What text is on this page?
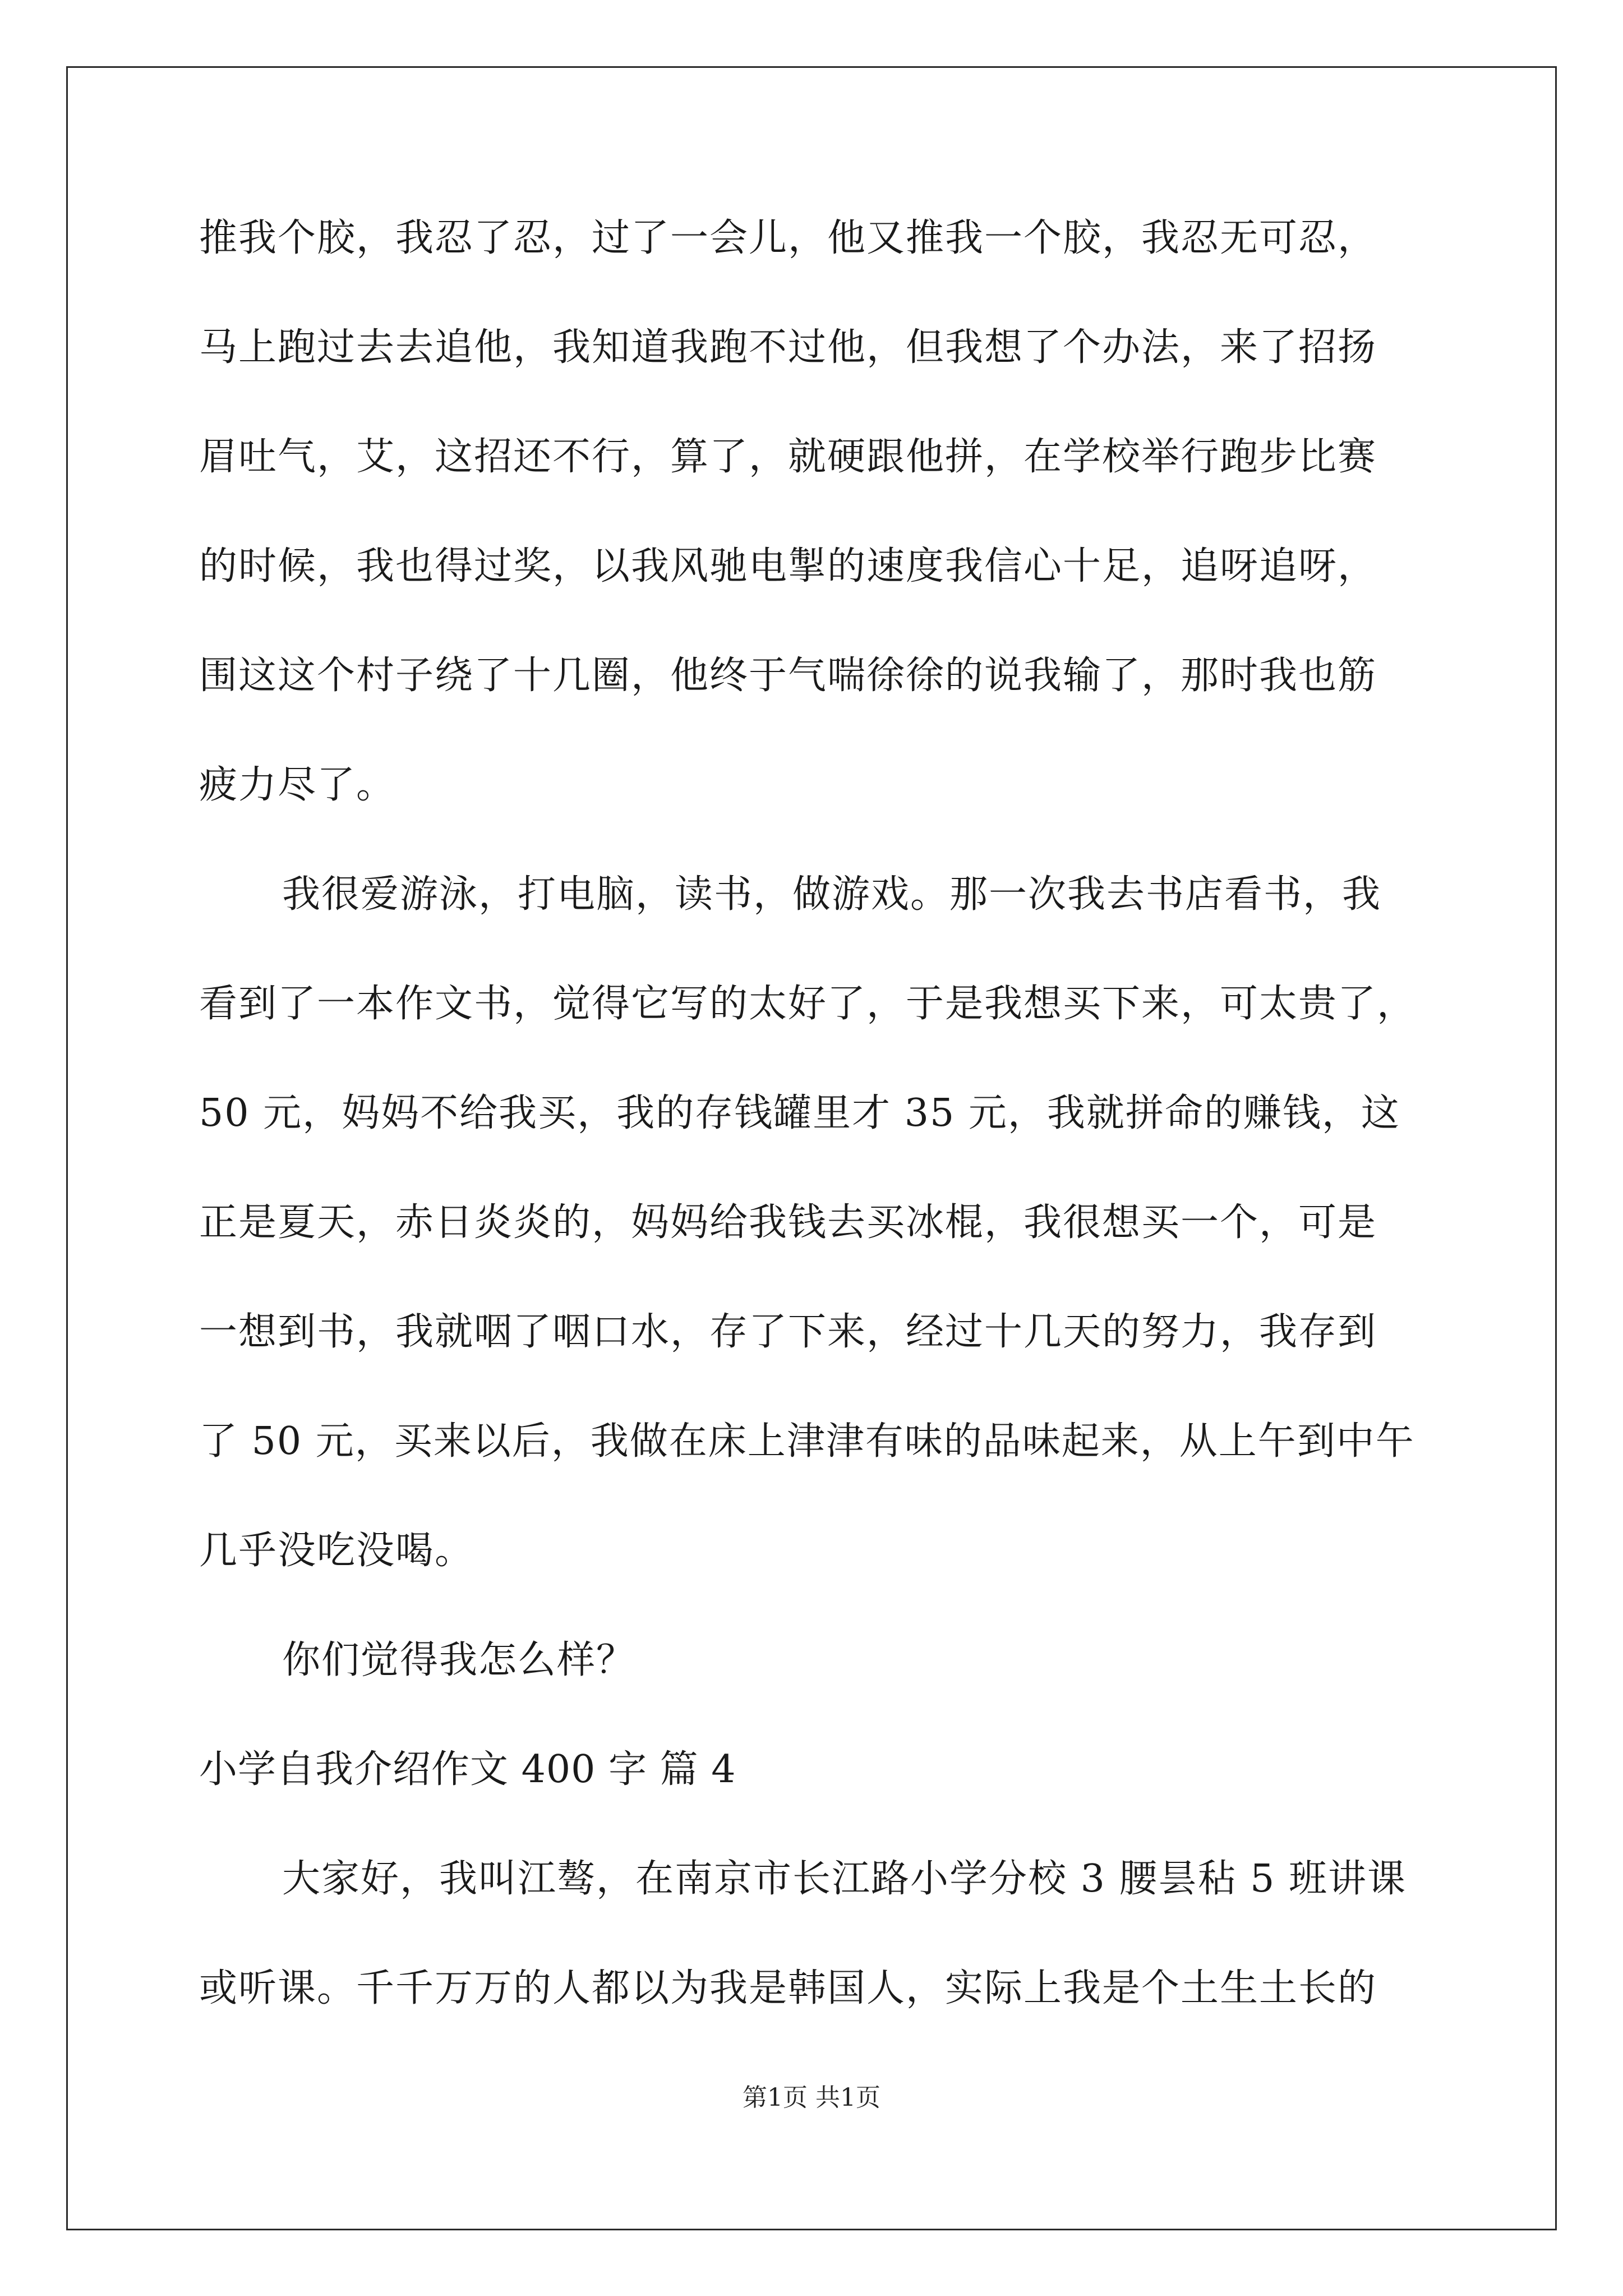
推我个胶，我忍了忍，过了一会儿，他又推我一个胶，我忍无可忍，
马上跑过去去追他，我知道我跑不过他，但我想了个办法，来了招扬
眉吐气，艾，这招还不行，算了，就硬跟他拼，在学校举行跑步比赛
的时候，我也得过奖，以我风驰电掣的速度我信心十足，追呀追呀，
围这这个村子绕了十几圈，他终于气喘徐徐的说我输了，那时我也筋
疲力尽了。
我很爱游泳，打电脑，读书，做游戏。那一次我去书店看书，我
看到了一本作文书，觉得它写的太好了，于是我想买下来，可太贵了，
50 元，妈妈不给我买，我的存钱罐里才 35 元，我就拼命的赚钱，这
正是夏天，赤日炎炎的，妈妈给我钱去买冰棍，我很想买一个，可是
一想到书，我就咽了咽口水，存了下来，经过十几天的努力，我存到
了 50 元，买来以后，我做在床上津津有味的品味起来，从上午到中午
几乎没吃没喝。
你们觉得我怎么样？
小学自我介绍作文 400 字 篇 4
大家好，我叫江骜，在南京市长江路小学分校 3 腰昙秥 5 班讲课
或听课。千千万万的人都以为我是韩国人，实际上我是个土生土长的
第1页 共1页
